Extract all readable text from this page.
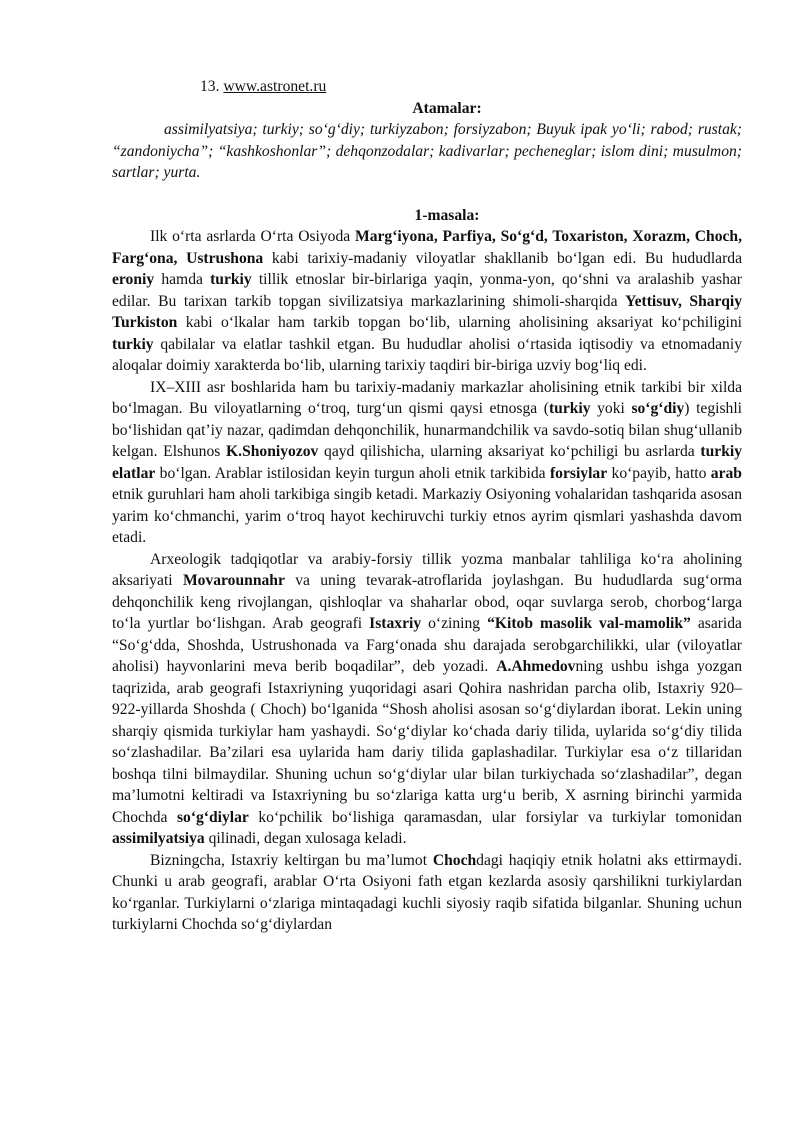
13. www.astronet.ru
Atamalar:

assimilyatsiya; turkiy; so‘g‘diy; turkiyzabon; forsiyzabon; Buyuk ipak yo‘li; rabod; rustak; “zandoniycha”; “kashkoshonlar”; dehqonzodalar; kadivarlar; pecheneglar; islom dini; musulmon; sartlar; yurta.

1-masala:

Ilk o‘rta asrlarda O‘rta Osiyoda Marg‘iyona, Parfiya, So‘g‘d, Toxariston, Xorazm, Choch, Farg‘ona, Ustrushona kabi tarixiy-madaniy viloyatlar shakllanib bo‘lgan edi. Bu hududlarda eroniy hamda turkiy tillik etnoslar bir-birlariga yaqin, yonma-yon, qo‘shni va aralashib yashar edilar. Bu tarixan tarkib topgan sivilizatsiya markazlarining shimoli-sharqida Yettisuv, Sharqiy Turkiston kabi o‘lkalar ham tarkib topgan bo‘lib, ularning aholisining aksariyat ko‘pchiligini turkiy qabilalar va elatlar tashkil etgan. Bu hududlar aholisi o‘rtasida iqtisodiy va etnomadaniy aloqalar doimiy xarakterda bo‘lib, ularning tarixiy taqdiri bir-biriga uzviy bog‘liq edi.

IX–XIII asr boshlarida ham bu tarixiy-madaniy markazlar aholisining etnik tarkibi bir xilda bo‘lmagan. Bu viloyatlarning o‘troq, turg‘un qismi qaysi etnosga (turkiy yoki so‘g‘diy) tegishli bo‘lishidan qat’iy nazar, qadimdan dehqonchilik, hunarmandchilik va savdo-sotiq bilan shug‘ullanib kelgan. Elshunos K.Shoniyozov qayd qilishicha, ularning aksariyat ko‘pchiligi bu asrlarda turkiy elatlar bo‘lgan. Arablar istilosidan keyin turgun aholi etnik tarkibida forsiylar ko‘payib, hatto arab etnik guruhlari ham aholi tarkibiga singib ketadi. Markaziy Osiyoning vohalaridan tashqarida asosan yarim ko‘chmanchi, yarim o‘troq hayot kechiruvchi turkiy etnos ayrim qismlari yashashda davom etadi.

Arxeologik tadqiqotlar va arabiy-forsiy tillik yozma manbalar tahliliga ko‘ra aholining aksariyati Movarounnahr va uning tevarak-atroflarida joylashgan. Bu hududlarda sug‘orma dehqonchilik keng rivojlangan, qishloqlar va shaharlar obod, oqar suvlarga serob, chorbog‘larga to‘la yurtlar bo‘lishgan. Arab geografi Istaxriy o‘zining “Kitob masolik val-mamolik” asarida “So‘g‘dda, Shoshda, Ustrushonada va Farg‘onada shu darajada serobgarchilikki, ular (viloyatlar aholisi) hayvonlarini meva berib boqadilar”, deb yozadi. A.Ahmedovning ushbu ishga yozgan taqrizida, arab geografi Istaxriyning yuqoridagi asari Qohira nashridan parcha olib, Istaxriy 920–922-yillarda Shoshda ( Choch) bo‘lganida “Shosh aholisi asosan so‘g‘diylardan iborat. Lekin uning sharqiy qismida turkiylar ham yashaydi. So‘g‘diylar ko‘chada dariy tilida, uylarida so‘g‘diy tilida so‘zlashadilar. Ba’zilari esa uylarida ham dariy tilida gaplashadilar. Turkiylar esa o‘z tillaridan boshqa tilni bilmaydilar. Shuning uchun so‘g‘diylar ular bilan turkiychada so‘zlashadilar”, degan ma’lumotni keltiradi va Istaxriyning bu so‘zlariga katta urg‘u berib, X asrning birinchi yarmida Chochda so‘g‘diylar ko‘pchilik bo‘lishiga qaramasdan, ular forsiylar va turkiylar tomonidan assimilyatsiya qilinadi, degan xulosaga keladi.

Bizningcha, Istaxriy keltirgan bu ma’lumot Chochdagi haqiqiy etnik holatni aks ettirmaydi. Chunki u arab geografi, arablar O‘rta Osiyoni fath etgan kezlarda asosiy qarshilikni turkiylardan ko‘rganlar. Turkiylarni o‘zlariga mintaqadagi kuchli siyosiy raqib sifatida bilganlar. Shuning uchun turkiylarni Chochda so‘g‘diylardan
